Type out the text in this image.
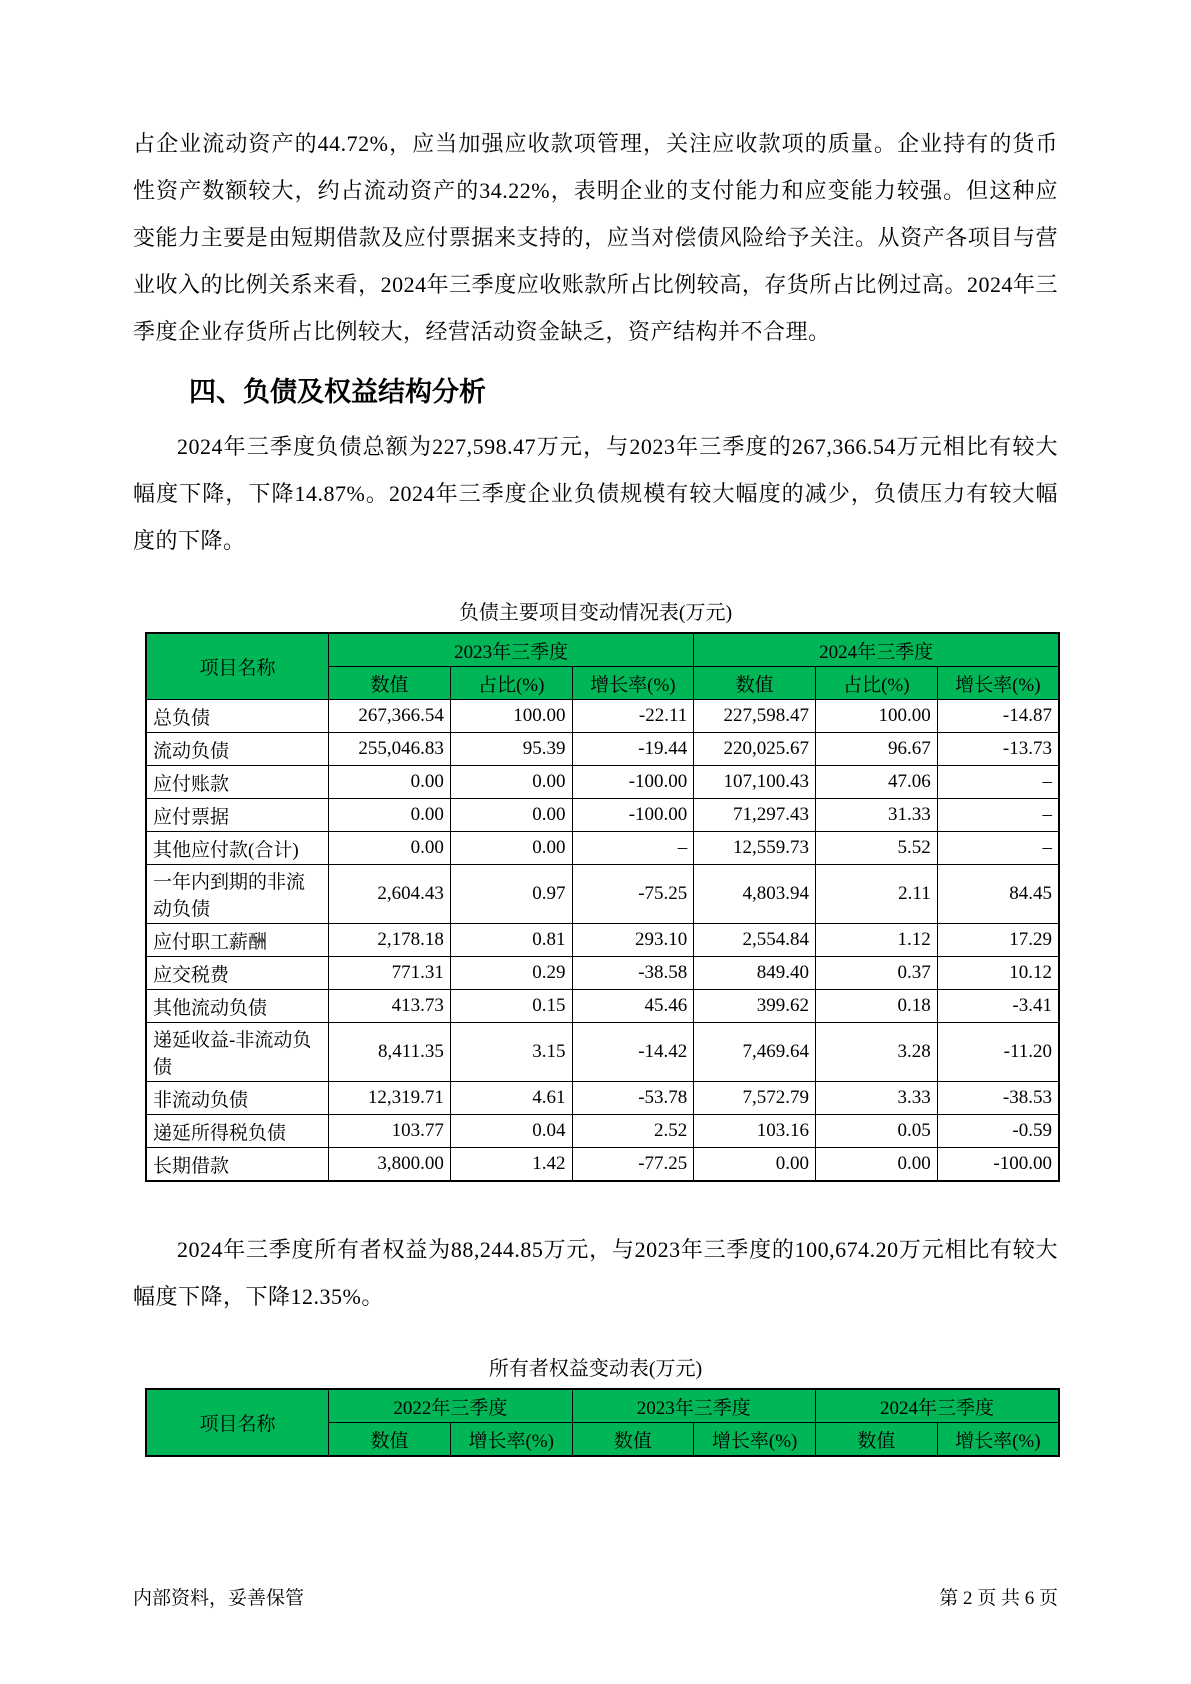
占企业流动资产的44.72%，应当加强应收款项管理，关注应收款项的质量。企业持有的货币性资产数额较大，约占流动资产的34.22%，表明企业的支付能力和应变能力较强。但这种应变能力主要是由短期借款及应付票据来支持的，应当对偿债风险给予关注。从资产各项目与营业收入的比例关系来看，2024年三季度应收账款所占比例较高，存货所占比例过高。2024年三季度企业存货所占比例较大，经营活动资金缺乏，资产结构并不合理。

四、负债及权益结构分析

2024年三季度负债总额为227,598.47万元，与2023年三季度的267,366.54万元相比有较大幅度下降，下降14.87%。2024年三季度企业负债规模有较大幅度的减少，负债压力有较大幅度的下降。

负债主要项目变动情况表(万元)
项目名称	2023年三季度			2024年三季度		
	数值	占比(%)	增长率(%)	数值	占比(%)	增长率(%)
总负债	267,366.54	100.00	-22.11	227,598.47	100.00	-14.87
流动负债	255,046.83	95.39	-19.44	220,025.67	96.67	-13.73
应付账款	0.00	0.00	-100.00	107,100.43	47.06	–
应付票据	0.00	0.00	-100.00	71,297.43	31.33	–
其他应付款(合计)	0.00	0.00	–	12,559.73	5.52	–
一年内到期的非流动负债	2,604.43	0.97	-75.25	4,803.94	2.11	84.45
应付职工薪酬	2,178.18	0.81	293.10	2,554.84	1.12	17.29
应交税费	771.31	0.29	-38.58	849.40	0.37	10.12
其他流动负债	413.73	0.15	45.46	399.62	0.18	-3.41
递延收益-非流动负债	8,411.35	3.15	-14.42	7,469.64	3.28	-11.20
非流动负债	12,319.71	4.61	-53.78	7,572.79	3.33	-38.53
递延所得税负债	103.77	0.04	2.52	103.16	0.05	-0.59
长期借款	3,800.00	1.42	-77.25	0.00	0.00	-100.00

2024年三季度所有者权益为88,244.85万元，与2023年三季度的100,674.20万元相比有较大幅度下降，下降12.35%。

所有者权益变动表(万元)
项目名称	2022年三季度		2023年三季度		2024年三季度	
	数值	增长率(%)	数值	增长率(%)	数值	增长率(%)
内部资料，妥善保管	第 2 页 共 6 页
